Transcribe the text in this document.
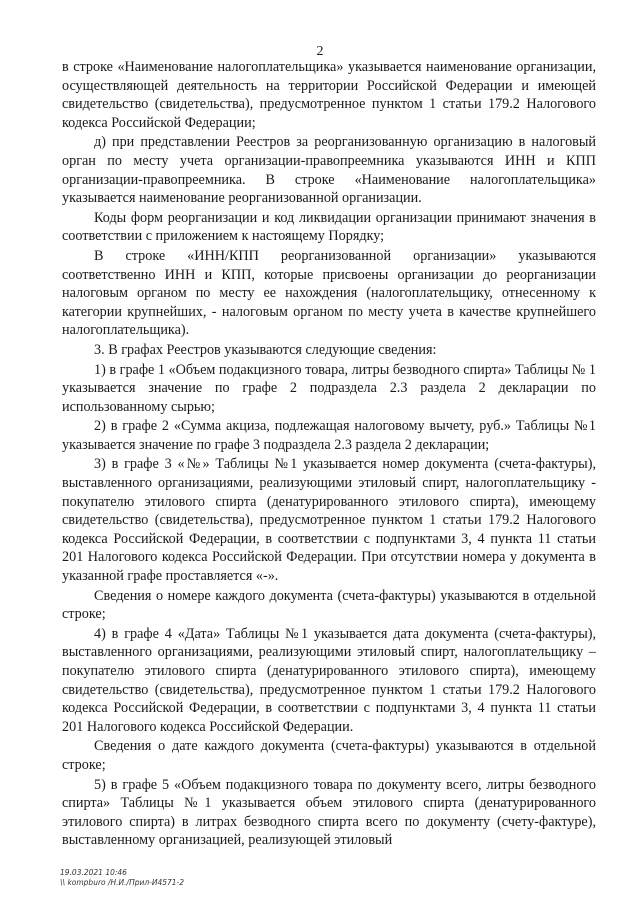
2

в строке «Наименование налогоплательщика» указывается наименование организации, осуществляющей деятельность на территории Российской Федерации и имеющей свидетельство (свидетельства), предусмотренное пунктом 1 статьи 179.2 Налогового кодекса Российской Федерации;

д) при представлении Реестров за реорганизованную организацию в налоговый орган по месту учета организации-правопреемника указываются ИНН и КПП организации-правопреемника. В строке «Наименование налогоплательщика» указывается наименование реорганизованной организации.

Коды форм реорганизации и код ликвидации организации принимают значения в соответствии с приложением к настоящему Порядку;

В строке «ИНН/КПП реорганизованной организации» указываются соответственно ИНН и КПП, которые присвоены организации до реорганизации налоговым органом по месту ее нахождения (налогоплательщику, отнесенному к категории крупнейших, - налоговым органом по месту учета в качестве крупнейшего налогоплательщика).

3. В графах Реестров указываются следующие сведения:

1) в графе 1 «Объем подакцизного товара, литры безводного спирта» Таблицы № 1 указывается значение по графе 2 подраздела 2.3 раздела 2 декларации по использованному сырью;

2) в графе 2 «Сумма акциза, подлежащая налоговому вычету, руб.» Таблицы №1 указывается значение по графе 3 подраздела 2.3 раздела 2 декларации;

3) в графе 3 «№» Таблицы №1 указывается номер документа (счета-фактуры), выставленного организациями, реализующими этиловый спирт, налогоплательщику - покупателю этилового спирта (денатурированного этилового спирта), имеющему свидетельство (свидетельства), предусмотренное пунктом 1 статьи 179.2 Налогового кодекса Российской Федерации, в соответствии с подпунктами 3, 4 пункта 11 статьи 201 Налогового кодекса Российской Федерации. При отсутствии номера у документа в указанной графе проставляется «-».

Сведения о номере каждого документа (счета-фактуры) указываются в отдельной строке;

4) в графе 4 «Дата» Таблицы №1 указывается дата документа (счета-фактуры), выставленного организациями, реализующими этиловый спирт, налогоплательщику – покупателю этилового спирта (денатурированного этилового спирта), имеющему свидетельство (свидетельства), предусмотренное пунктом 1 статьи 179.2 Налогового кодекса Российской Федерации, в соответствии с подпунктами 3, 4 пункта 11 статьи 201 Налогового кодекса Российской Федерации.

Сведения о дате каждого документа (счета-фактуры) указываются в отдельной строке;

5) в графе 5 «Объем подакцизного товара по документу всего, литры безводного спирта» Таблицы №1 указывается объем этилового спирта (денатурированного этилового спирта) в литрах безводного спирта всего по документу (счету-фактуре), выставленному организацией, реализующей этиловый

19.03.2021 10:46
\\ kompburo /Н.И./Прил-И4571-2
